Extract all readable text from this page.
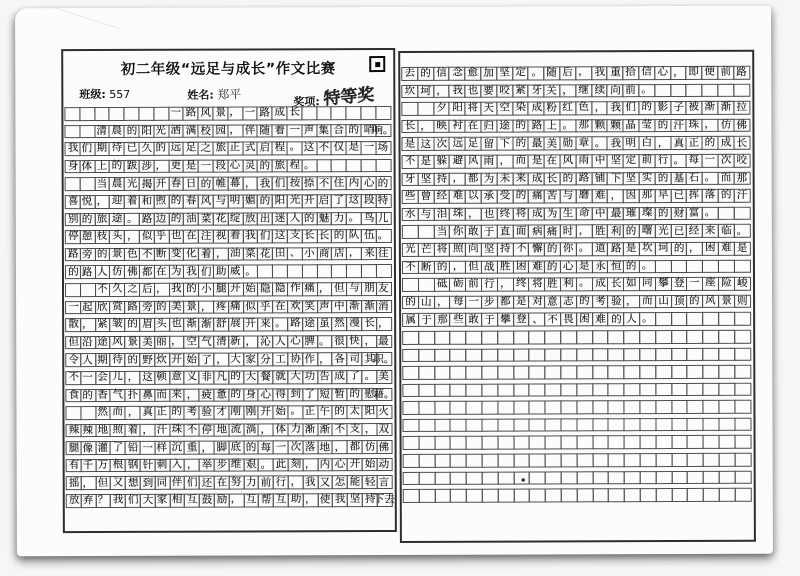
初二年级“远足与成长”作文比赛
班级: 557	姓名: 郑平	奖项: 特等奖
一 路 风 景 ， 一 路 成 长
清 晨 的 阳 光 洒 满 校 园 ， 伴 随 着 一 声 集 合 的 哨
响。
我 们 期 待 已 久 的 远 足 之 旅 正 式 启 程 。 这 不 仅 是 一 场
身 体 上 的 跋 涉 ， 更 是 一 段 心 灵 的 旅 程 。
当 晨 光 揭 开 春 日 的 帷 幕 ， 我 们 按 捺 不 住 内 心 的
喜 悦 ， 迎 着 和 煦 的 春 风 与 明 媚 的 阳 光 开 启 了 这 段 特
别 的 旅 途 。 路 边 的 油 菜 花 绽 放 出 迷 人 的 魅 力 。 鸟 儿
停 憩 枝 头 ， 似 乎 也 在 注 视 着 我 们 这 支 长 长 的 队 伍 。
路 旁 的 景 色 不 断 变 化 着 ， 油 菜 花 田 、 小 商 店 ， 来 往
的 路 人 仿 佛 都 在 为 我 们 助 威 。
不 久 之 后 ， 我 的 小 腿 开 始 隐 隐 作 痛 ， 但 与 朋 友
一 起 欣 赏 路 旁 的 美 景 ， 疼 痛 似 乎 在 欢 笑 声 中 渐 渐 消
散 ， 紧 皱 的 眉 头 也 渐 渐 舒 展 开 来 。 路 途 虽 然 漫 长 ，
但 沿 途 风 景 美 丽 ， 空 气 清 新 ， 沁 人 心 脾 。 很 快 ， 最
令 人 期 待 的 野 炊 开 始 了 ， 大 家 分 工 协 作 ， 各 司 其
职。
不 一 会 儿 ， 这 顿 意 义 非 凡 的 大 餐 就 大 功 告 成 了 。 美
食 的 香 气 扑 鼻 而 来 ， 疲 惫 的 身 心 得 到 了 短 暂 的 慰
藉。
然 而 ， 真 正 的 考 验 才 刚 刚 开 始 。 正 午 的 太 阳 火
辣 辣 地 照 着 ， 汗 珠 不 停 地 流 淌 ， 体 力 渐 渐 不 支 ， 双
腿 像 灌 了 铅 一 样 沉 重 ， 脚 底 的 每 一 次 落 地 ， 都 仿 佛
有 千 万 根 钢 针 刺 入 ， 举 步 维 艰 。 此 刻 ， 内 心 开 始 动
摇 ， 但 又 想 到 同 伴 们 还 在 努 力 前 行 ， 我 又 怎 能 轻 言
放 弃 ？ 我 们 大 家 相 互 鼓 励 ， 互 帮 互 助 ， 使 我 坚 持
下去
去 的 信 念 愈 加 坚 定 。 随 后 ， 我 重 拾 信 心 ， 即 便 前 路
坎 坷 ， 我 也 要 咬 紧 牙 关 ， 继 续 向 前 。
夕 阳 将 天 空 染 成 粉 红 色 ， 我 们 的 影 子 被 渐 渐 拉
长 ， 映 衬 在 归 途 的 路 上 。 那 颗 颗 晶 莹 的 汗 珠 ， 仿 佛
是 这 次 远 足 留 下 的 最 美 勋 章 。 我 明 白 ， 真 正 的 成 长
不 是 躲 避 风 雨 ， 而 是 在 风 雨 中 坚 定 前 行 。 每 一 次 咬
牙 坚 持 ， 都 为 未 来 成 长 的 路 铺 下 坚 实 的 基 石 。 而 那
些 曾 经 难 以 承 受 的 痛 苦 与 磨 难 ， 因 那 早 已 挥 落 的 汗
水 与 泪 珠 ， 也 终 将 成 为 生 命 中 最 璀 璨 的 财 富 。
当 你 敢 于 直 面 病 痛 时 ， 胜 利 的 曙 光 已 经 来 临 。
光 芒 将 照 向 坚 持 不 懈 的 你 。 道 路 是 坎 坷 的 ， 困 难 是
不 断 的 ， 但 战 胜 困 难 的 心 是 永 恒 的 。
砥 砺 前 行 ， 终 将 胜 利 。 成 长 如 同 攀 登 一 座 险 峻
的 山 ， 每 一 步 都 是 对 意 志 的 考 验 ， 而 山 顶 的 风 景 则
属 于 那 些 敢 于 攀 登 、 不 畏 困 难 的 人 。
